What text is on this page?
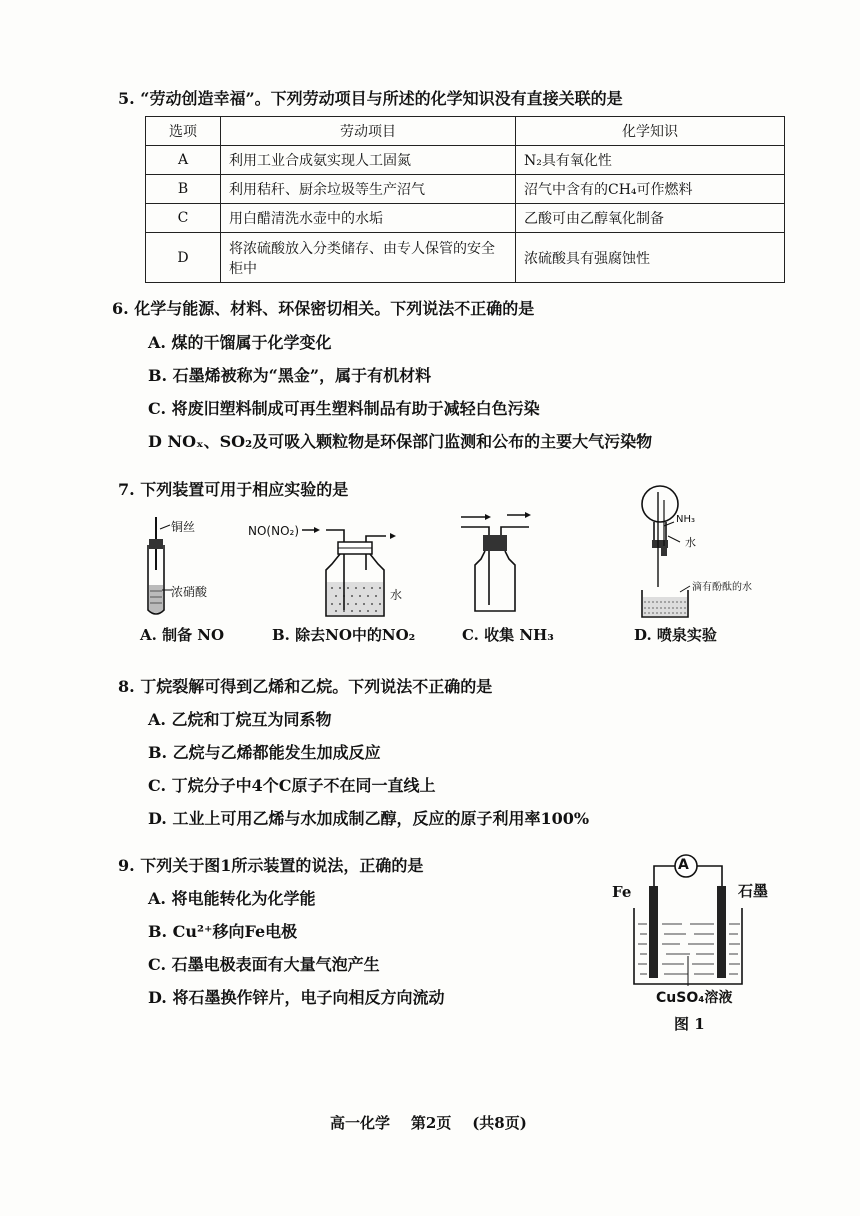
5. “劳动创造幸福”。下列劳动项目与所述的化学知识没有直接关联的是
选项	劳动项目	化学知识
A	利用工业合成氨实现人工固氮	N₂具有氧化性
B	利用秸秆、厨余垃圾等生产沼气	沼气中含有的CH₄可作燃料
C	用白醋清洗水壶中的水垢	乙酸可由乙醇氧化制备
D	将浓硫酸放入分类储存、由专人保管的安全柜中	浓硫酸具有强腐蚀性
6. 化学与能源、材料、环保密切相关。下列说法不正确的是
A. 煤的干馏属于化学变化
B. 石墨烯被称为“黑金”，属于有机材料
C. 将废旧塑料制成可再生塑料制品有助于减轻白色污染
D NOₓ、SO₂及可吸入颗粒物是环保部门监测和公布的主要大气污染物
7. 下列装置可用于相应实验的是
铜丝
浓硝酸
NO(NO₂)
水
NH₃
水
滴有酚酞的水
A. 制备 NO	B. 除去NO中的NO₂	C. 收集 NH₃	D. 喷泉实验
8. 丁烷裂解可得到乙烯和乙烷。下列说法不正确的是
A. 乙烷和丁烷互为同系物
B. 乙烷与乙烯都能发生加成反应
C. 丁烷分子中4个C原子不在同一直线上
D. 工业上可用乙烯与水加成制乙醇，反应的原子利用率100%
9. 下列关于图1所示装置的说法，正确的是
A. 将电能转化为化学能
B. Cu²⁺移向Fe电极
C. 石墨电极表面有大量气泡产生
D. 将石墨换作锌片，电子向相反方向流动
A
Fe	石墨
CuSO₄溶液
图 1
高一化学    第2页    (共8页)
